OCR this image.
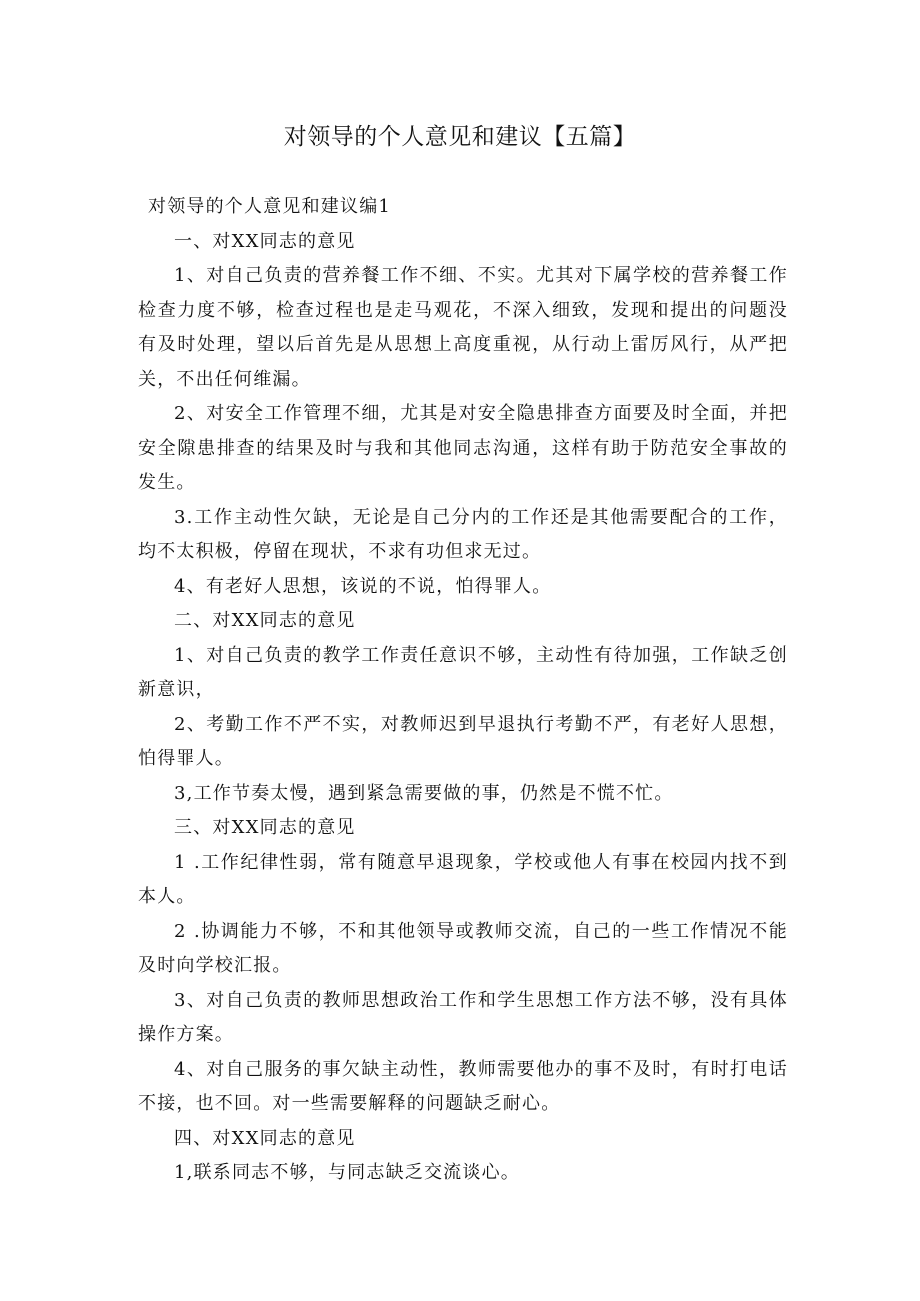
对领导的个人意见和建议【五篇】

对领导的个人意见和建议编1

一、对XX同志的意见

1、对自己负责的营养餐工作不细、不实。尤其对下属学校的营养餐工作检查力度不够，检查过程也是走马观花，不深入细致，发现和提出的问题没有及时处理，望以后首先是从思想上高度重视，从行动上雷厉风行，从严把关，不出任何维漏。

2、对安全工作管理不细，尤其是对安全隐患排查方面要及时全面，并把安全隙患排查的结果及时与我和其他同志沟通，这样有助于防范安全事故的发生。

3.工作主动性欠缺，无论是自己分内的工作还是其他需要配合的工作，均不太积极，停留在现状，不求有功但求无过。

4、有老好人思想，该说的不说，怕得罪人。

二、对XX同志的意见

1、对自己负责的教学工作责任意识不够，主动性有待加强，工作缺乏创新意识，

2、考勤工作不严不实，对教师迟到早退执行考勤不严，有老好人思想，怕得罪人。

3,工作节奏太慢，遇到紧急需要做的事，仍然是不慌不忙。

三、对XX同志的意见

1 .工作纪律性弱，常有随意早退现象，学校或他人有事在校园内找不到本人。

2 .协调能力不够，不和其他领导或教师交流，自己的一些工作情况不能及时向学校汇报。

3、对自己负责的教师思想政治工作和学生思想工作方法不够，没有具体操作方案。

4、对自己服务的事欠缺主动性，教师需要他办的事不及时，有时打电话不接，也不回。对一些需要解释的问题缺乏耐心。

四、对XX同志的意见

1,联系同志不够，与同志缺乏交流谈心。
